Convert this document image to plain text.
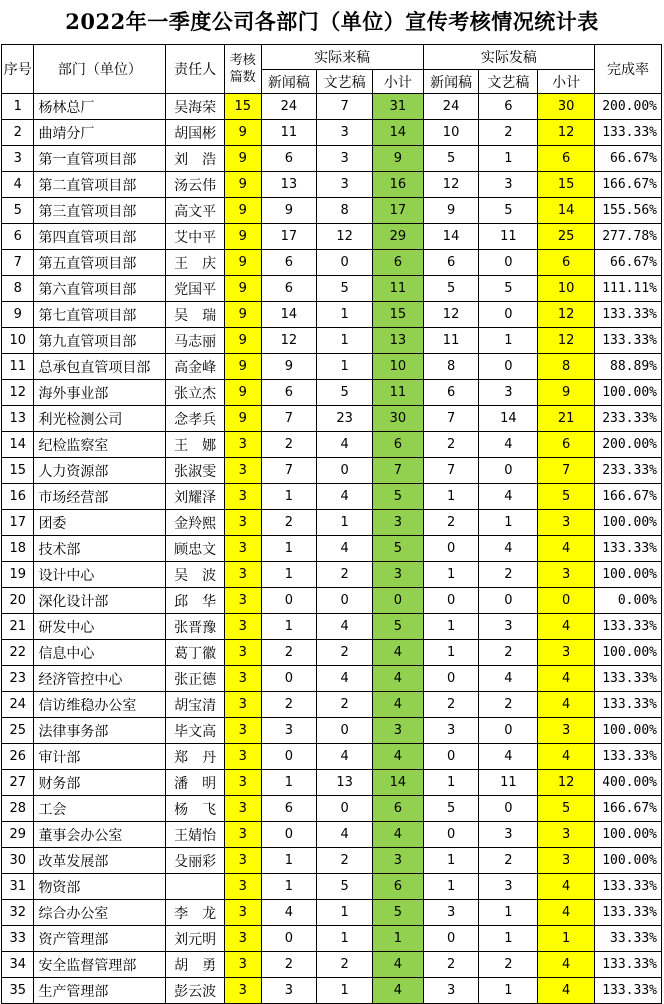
2022年一季度公司各部门（单位）宣传考核情况统计表
序号	部门（单位）	责任人	考核篇数	实际来稿			实际发稿			完成率
				新闻稿	文艺稿	小计	新闻稿	文艺稿	小计	
1	杨林总厂	吴海荣	15	24	7	31	24	6	30	200.00%
2	曲靖分厂	胡国彬	9	11	3	14	10	2	12	133.33%
3	第一直管项目部	刘　浩	9	6	3	9	5	1	6	66.67%
4	第二直管项目部	汤云伟	9	13	3	16	12	3	15	166.67%
5	第三直管项目部	高文平	9	9	8	17	9	5	14	155.56%
6	第四直管项目部	艾中平	9	17	12	29	14	11	25	277.78%
7	第五直管项目部	王　庆	9	6	0	6	6	0	6	66.67%
8	第六直管项目部	党国平	9	6	5	11	5	5	10	111.11%
9	第七直管项目部	吴　瑞	9	14	1	15	12	0	12	133.33%
10	第九直管项目部	马志丽	9	12	1	13	11	1	12	133.33%
11	总承包直管项目部	高金峰	9	9	1	10	8	0	8	88.89%
12	海外事业部	张立杰	9	6	5	11	6	3	9	100.00%
13	利光检测公司	念孝兵	9	7	23	30	7	14	21	233.33%
14	纪检监察室	王　娜	3	2	4	6	2	4	6	200.00%
15	人力资源部	张淑雯	3	7	0	7	7	0	7	233.33%
16	市场经营部	刘耀泽	3	1	4	5	1	4	5	166.67%
17	团委	金羚熙	3	2	1	3	2	1	3	100.00%
18	技术部	顾忠文	3	1	4	5	0	4	4	133.33%
19	设计中心	吴　波	3	1	2	3	1	2	3	100.00%
20	深化设计部	邱　华	3	0	0	0	0	0	0	0.00%
21	研发中心	张晋豫	3	1	4	5	1	3	4	133.33%
22	信息中心	葛丁徽	3	2	2	4	1	2	3	100.00%
23	经济管控中心	张正德	3	0	4	4	0	4	4	133.33%
24	信访维稳办公室	胡宝清	3	2	2	4	2	2	4	133.33%
25	法律事务部	毕文高	3	3	0	3	3	0	3	100.00%
26	审计部	郑　丹	3	0	4	4	0	4	4	133.33%
27	财务部	潘　明	3	1	13	14	1	11	12	400.00%
28	工会	杨　飞	3	6	0	6	5	0	5	166.67%
29	董事会办公室	王婧怡	3	0	4	4	0	3	3	100.00%
30	改革发展部	殳丽彩	3	1	2	3	1	2	3	100.00%
31	物资部		3	1	5	6	1	3	4	133.33%
32	综合办公室	李　龙	3	4	1	5	3	1	4	133.33%
33	资产管理部	刘元明	3	0	1	1	0	1	1	33.33%
34	安全监督管理部	胡　勇	3	2	2	4	2	2	4	133.33%
35	生产管理部	彭云波	3	3	1	4	3	1	4	133.33%
